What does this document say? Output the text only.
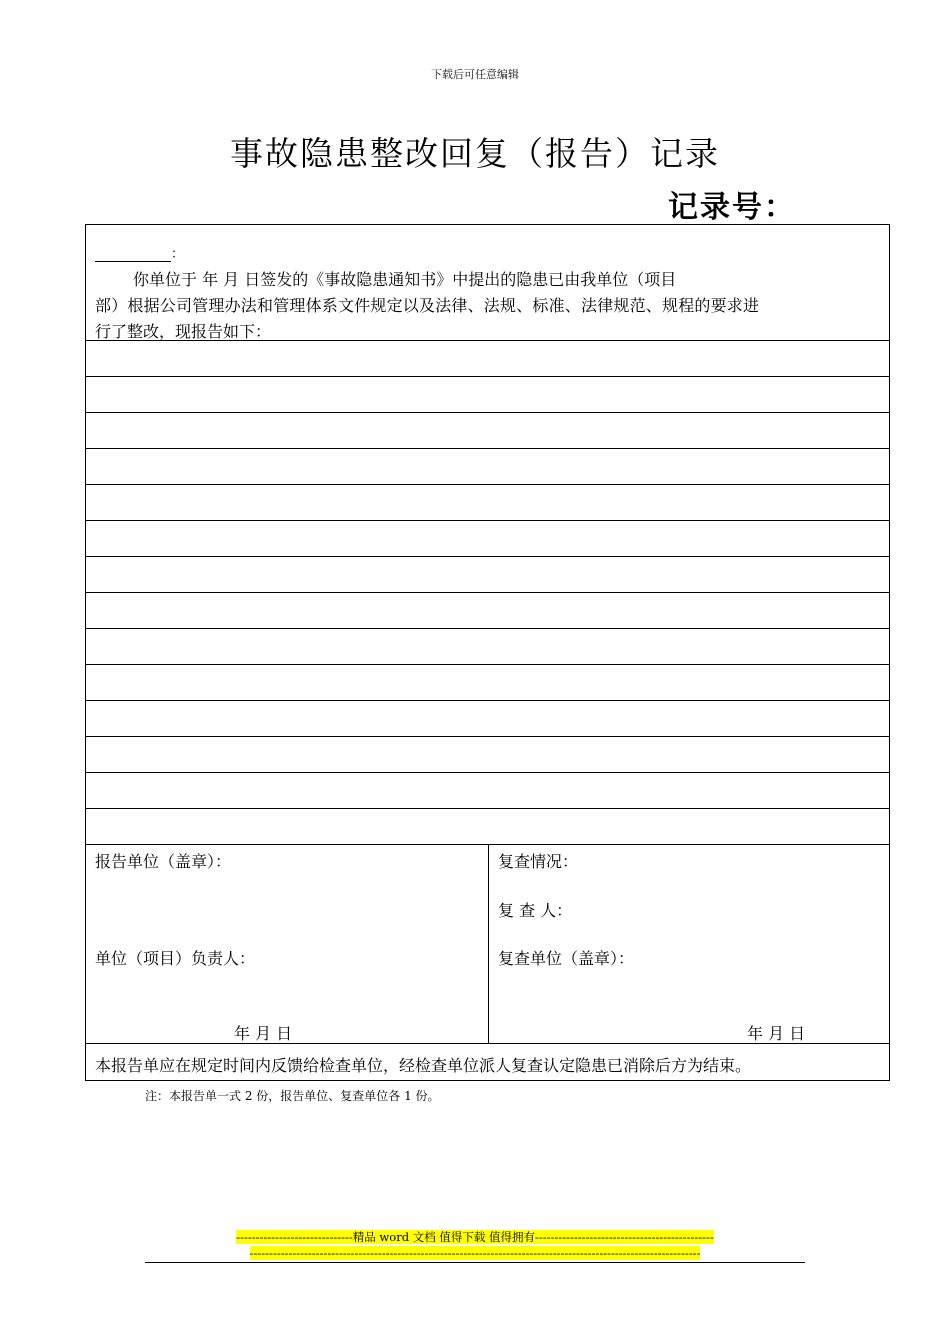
下载后可任意编辑
事故隐患整改回复（报告）记录
记录号：
：
你单位于 年 月 日签发的《事故隐患通知书》中提出的隐患已由我单位（项目
部）根据公司管理办法和管理体系文件规定以及法律、法规、标准、法律规范、规程的要求进
行了整改，现报告如下：
报告单位（盖章）：
单位（项目）负责人：
年 月 日
复查情况：
复 查 人：
复查单位（盖章）：
年 月 日
本报告单应在规定时间内反馈给检查单位，经检查单位派人复查认定隐患已消除后方为结束。
注：本报告单一式 2 份，报告单位、复查单位各 1 份。
------------------------------精品 word 文档 值得下载 值得拥有----------------------------------------------
--------------------------------------------------------------------------------------------------------------------
